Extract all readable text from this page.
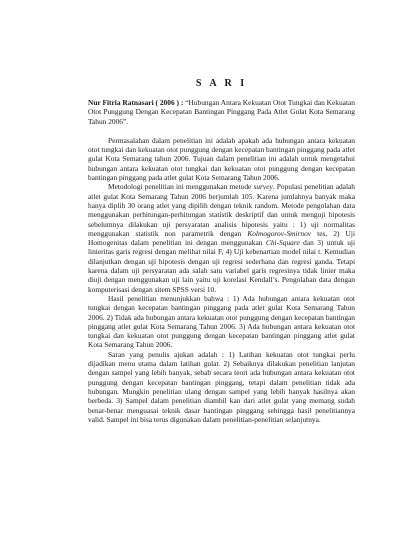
S A R I

Nur Fitria Ratnasari ( 2006 ) : “Hubungan Antara Kekuatan Otot Tungkai dan Kekuatan Otot Punggung Dengan Kecepatan Bantingan Pinggang Pada Atlet Gulat Kota Semarang Tahun 2006”.

Permasalahan dalam penelitian ini adalah apakah ada hubungan antara kekuatan otot tungkai dan kekuatan otot punggung dengan kecepatan bantingan pinggang pada atlet gulat Kota Semarang tahun 2006. Tujuan dalam penelitian ini adalah untuk mengetahui hubungan antara kekuatan otot tungkai dan kekuatan otot punggung dengan kecepatan bantingan pinggang pada atlet gulat Kota Semarang Tahun 2006.

Metodologi penelitian ini menggunakan metode survey. Populasi penelitian adalah atlet gulat Kota Semarang Tahun 2006 berjumlah 105. Karena jumlahnya banyak maka hanya diplih 30 orang atlet yang dipilih dengan teknik random. Metode pengolahan data menggunakan perhitungan-perhitungan statistik deskriptif dan untuk menguji hipotesis sebelumnya dilakukan uji persyaratan analisis hipotesis yaitu : 1) uji normalitas menggunakan statistik non parametrik dengan Kolmogorov-Smirnov tes, 2) Uji Homogenitas dalam penelitian ini dengan menggunakan Chi-Square dan 3) untuk uji linieritas garis regresi dengan melihat nilai F, 4) Uji kebenartian model nilai t. Kemudian dilanjutkan dengan uji hipotesis dengan uji regresi sederhana dan regresi ganda. Tetapi karena dalam uji persyaratan ada salah satu variabel garis regresinya tidak linier maka diuji dengan menggunakan uji lain yaitu uji korelasi Kendall’s. Pengolahan data dengan komputerisasi dengan sitem SPSS versi 10.

Hasil penelitian menunjukkan bahwa : 1) Ada hubungan antara kekuatan otot tungkai dengan kecepatan bantingan pinggang pada atlet gulat Kota Semarang Tahun 2006. 2) Tidak ada hubungan antara kekuatan otot punggung dengan kecepatan bantingan pinggang atlet gulat Kota Semarang Tahun 2006. 3) Ada hubungan antara kekuatan otot tungkai dan kekuatan otot punggung dengan kecepatan bantingan pinggang atlet gulat Kota Semarang Tahun 2006.

Saran yang penulis ajukan adalah : 1) Latihan kekuatan otot tungkai perlu dijadikan menu utama dalam latihan gulat. 2) Sebaiknya dilakukan penelitian lanjutan dengan sampel yang lebih banyak, sebab secara teori ada hubungan antara kekuatan otot punggung dengan kecepatan bantingan pinggang, tetapi dalam penelitian tidak ada hubungan. Mungkin penelitian ulang dengan sampel yang lebih banyak hasilnya akan berbeda. 3) Sampel dalam penelitian diambil kan dari atlet gulat yang memang sudah benar-benar menguasai teknik dasar bantingan pinggang sehingga hasil penelitiannya valid. Sampel ini bisa terus digunakan dalam penelitian-penelitian selanjutnya.
